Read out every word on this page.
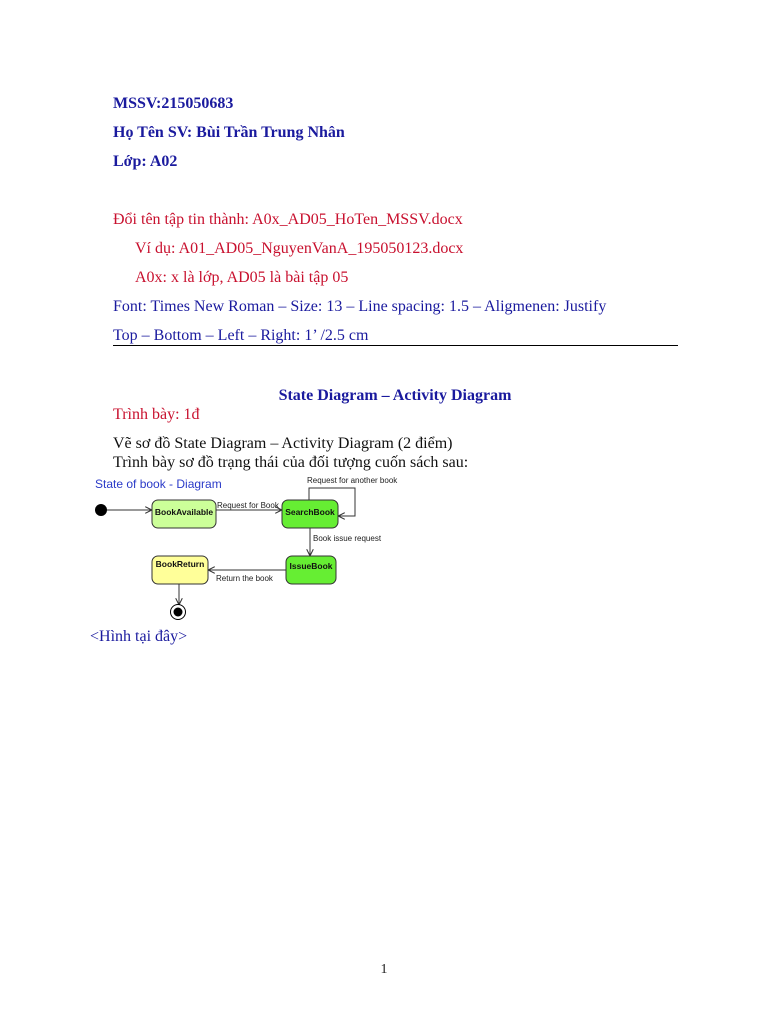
MSSV:215050683
Họ Tên SV: Bùi Trần Trung Nhân
Lớp: A02
Đổi tên tập tin thành: A0x_AD05_HoTen_MSSV.docx
Ví dụ: A01_AD05_NguyenVanA_195050123.docx
A0x: x là lớp, AD05 là bài tập 05
Font: Times New Roman – Size: 13 – Line spacing: 1.5 – Aligmenen: Justify
Top – Bottom – Left – Right: 1’ /2.5 cm
State Diagram – Activity Diagram
Trình bày: 1đ
Vẽ sơ đồ State Diagram – Activity Diagram (2 điểm)
Trình bày sơ đồ trạng thái của đối tượng cuốn sách sau:
State of book - Diagram
BookAvailable
Request for Book
SearchBook
Request for another book
Book issue request
IssueBook
Return the book
BookReturn
<Hình tại đây>
1
